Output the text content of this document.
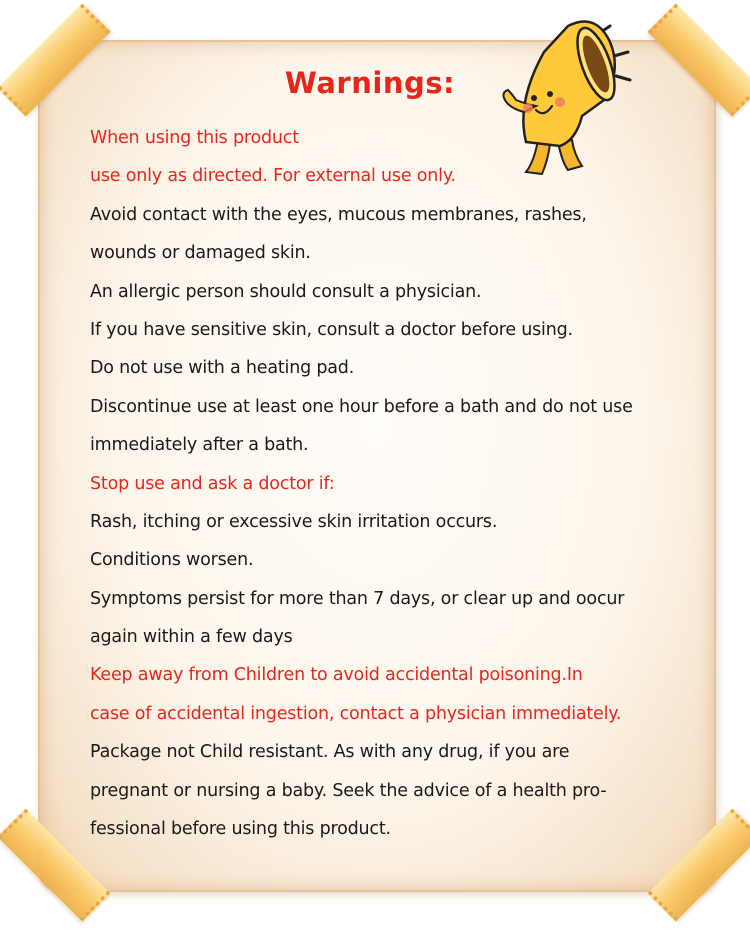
Warnings:
When using this product
use only as directed. For external use only.
Avoid contact with the eyes, mucous membranes, rashes,
wounds or damaged skin.
An allergic person should consult a physician.
If you have sensitive skin, consult a doctor before using.
Do not use with a heating pad.
Discontinue use at least one hour before a bath and do not use
immediately after a bath.
Stop use and ask a doctor if:
Rash, itching or excessive skin irritation occurs.
Conditions worsen.
Symptoms persist for more than 7 days, or clear up and oocur
again within a few days
Keep away from Children to avoid accidental poisoning.In
case of accidental ingestion, contact a physician immediately.
Package not Child resistant. As with any drug, if you are
pregnant or nursing a baby. Seek the advice of a health pro-
fessional before using this product.
